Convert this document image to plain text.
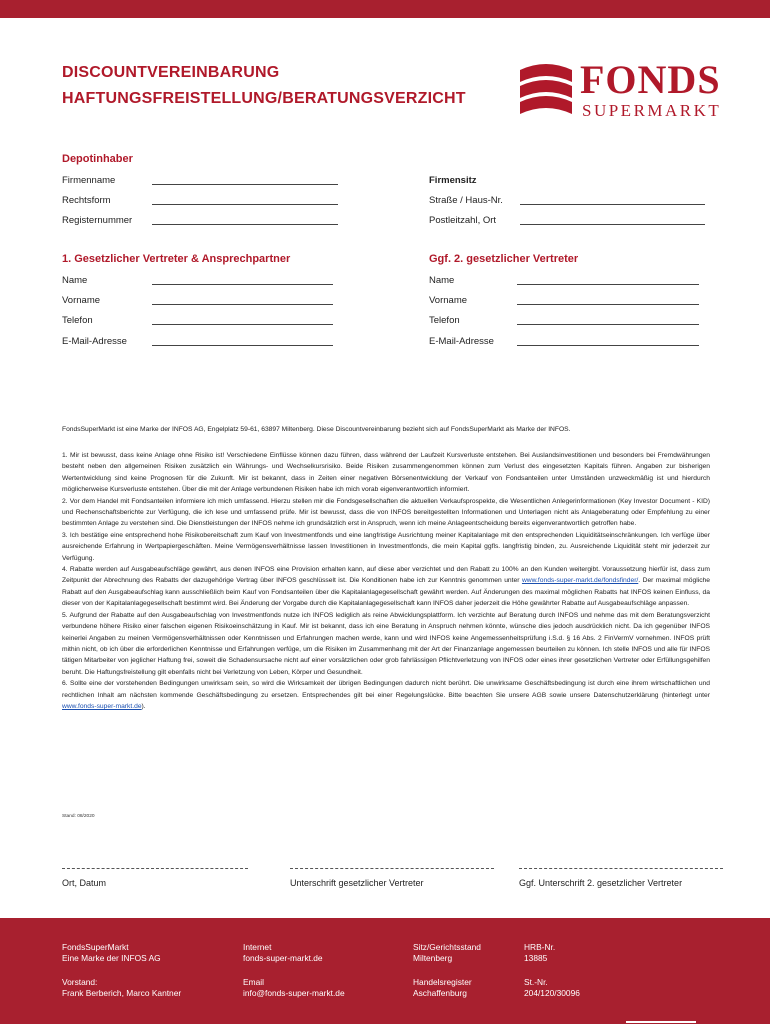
DISCOUNTVEREINBARUNG
HAFTUNGSFREISTELLUNG/BERATUNGSVERZICHT	FONDS
SUPERMARKT
Depotinhaber
Firmenname
Rechtsform
Registernummer
Firmensitz
Straße / Haus-Nr.
Postleitzahl, Ort
1. Gesetzlicher Vertreter & Ansprechpartner
Name
Vorname
Telefon
E-Mail-Adresse
Ggf. 2. gesetzlicher Vertreter
Name
Vorname
Telefon
E-Mail-Adresse
FondsSuperMarkt ist eine Marke der INFOS AG, Engelplatz 59-61, 63897 Miltenberg. Diese Discountvereinbarung bezieht sich auf FondsSuperMarkt als Marke der INFOS.

1. Mir ist bewusst, dass keine Anlage ohne Risiko ist! Verschiedene Einflüsse können dazu führen, dass während der Laufzeit Kursverluste entstehen. Bei Auslandsinvestitionen und besonders bei Fremdwährungen besteht neben den allgemeinen Risiken zusätzlich ein Währungs- und Wechselkursrisiko. Beide Risiken zusammengenommen können zum Verlust des eingesetzten Kapitals führen. Angaben zur bisherigen Wertentwicklung sind keine Prognosen für die Zukunft. Mir ist bekannt, dass in Zeiten einer negativen Börsenentwicklung der Verkauf von Fondsanteilen unter Umständen unzweckmäßig ist und hierdurch möglicherweise Kursverluste entstehen. Über die mit der Anlage verbundenen Risiken habe ich mich vorab eigenverantwortlich informiert.

2. Vor dem Handel mit Fondsanteilen informiere ich mich umfassend. Hierzu stellen mir die Fondsgesellschaften die aktuellen Verkaufsprospekte, die Wesentlichen Anlegerinformationen (Key Investor Document - KID) und Rechenschaftsberichte zur Verfügung, die ich lese und umfassend prüfe. Mir ist bewusst, dass die von INFOS bereitgestellten Informationen und Unterlagen nicht als Anlageberatung oder Empfehlung zu einer bestimmten Anlage zu verstehen sind. Die Dienstleistungen der INFOS nehme ich grundsätzlich erst in Anspruch, wenn ich meine Anlageentscheidung bereits eigenverantwortlich getroffen habe.

3. Ich bestätige eine entsprechend hohe Risikobereitschaft zum Kauf von Investmentfonds und eine langfristige Ausrichtung meiner Kapitalanlage mit den entsprechenden Liquiditätseinschränkungen. Ich verfüge über ausreichende Erfahrung in Wertpapiergeschäften. Meine Vermögensverhältnisse lassen Investitionen in Investmentfonds, die mein Kapital ggfls. langfristig binden, zu. Ausreichende Liquidität steht mir jederzeit zur Verfügung.

4. Rabatte werden auf Ausgabeaufschläge gewährt, aus denen INFOS eine Provision erhalten kann, auf diese aber verzichtet und den Rabatt zu 100% an den Kunden weitergibt. Voraussetzung hierfür ist, dass zum Zeitpunkt der Abrechnung des Rabatts der dazugehörige Vertrag über INFOS geschlüsselt ist. Die Konditionen habe ich zur Kenntnis genommen unter www.fonds-super-markt.de/fondsfinder/. Der maximal mögliche Rabatt auf den Ausgabeaufschlag kann ausschließlich beim Kauf von Fondsanteilen über die Kapitalanlagegesellschaft gewährt werden. Auf Änderungen des maximal möglichen Rabatts hat INFOS keinen Einfluss, da dieser von der Kapitalanlagegesellschaft bestimmt wird. Bei Änderung der Vorgabe durch die Kapitalanlagegesellschaft kann INFOS daher jederzeit die Höhe gewährter Rabatte auf Ausgabeaufschläge anpassen.

5. Aufgrund der Rabatte auf den Ausgabeaufschlag von Investmentfonds nutze ich INFOS lediglich als reine Abwicklungsplattform. Ich verzichte auf Beratung durch INFOS und nehme das mit dem Beratungsverzicht verbundene höhere Risiko einer falschen eigenen Risikoeinschätzung in Kauf. Mir ist bekannt, dass ich eine Beratung in Anspruch nehmen könnte, wünsche dies jedoch ausdrücklich nicht. Da ich gegenüber INFOS keinerlei Angaben zu meinen Vermögensverhältnissen oder Kenntnissen und Erfahrungen machen werde, kann und wird INFOS keine Angemessenheitsprüfung i.S.d. § 16 Abs. 2 FinVermV vornehmen. INFOS prüft mithin nicht, ob ich über die erforderlichen Kenntnisse und Erfahrungen verfüge, um die Risiken im Zusammenhang mit der Art der Finanzanlage angemessen beurteilen zu können. Ich stelle INFOS und alle für INFOS tätigen Mitarbeiter von jeglicher Haftung frei, soweit die Schadensursache nicht auf einer vorsätzlichen oder grob fahrlässigen Pflichtverletzung von INFOS oder eines ihrer gesetzlichen Vertreter oder Erfüllungsgehilfen beruht. Die Haftungsfreistellung gilt ebenfalls nicht bei Verletzung von Leben, Körper und Gesundheit.

6. Sollte eine der vorstehenden Bedingungen unwirksam sein, so wird die Wirksamkeit der übrigen Bedingungen dadurch nicht berührt. Die unwirksame Geschäftsbedingung ist durch eine ihrem wirtschaftlichen und rechtlichen Inhalt am nächsten kommende Geschäftsbedingung zu ersetzen. Entsprechendes gilt bei einer Regelungslücke. Bitte beachten Sie unsere AGB sowie unsere Datenschutzerklärung (hinterlegt unter www.fonds-super-markt.de).

Stand: 08/2020
Ort, Datum	Unterschrift gesetzlicher Vertreter	Ggf. Unterschrift 2. gesetzlicher Vertreter
FondsSuperMarkt
Eine Marke der INFOS AG
Vorstand:
Frank Berberich, Marco Kantner
Internet
fonds-super-markt.de
Email
info@fonds-super-markt.de
Sitz/Gerichtsstand
Miltenberg
Handelsregister
Aschaffenburg
HRB-Nr.
13885
St.-Nr.
204/120/30096
